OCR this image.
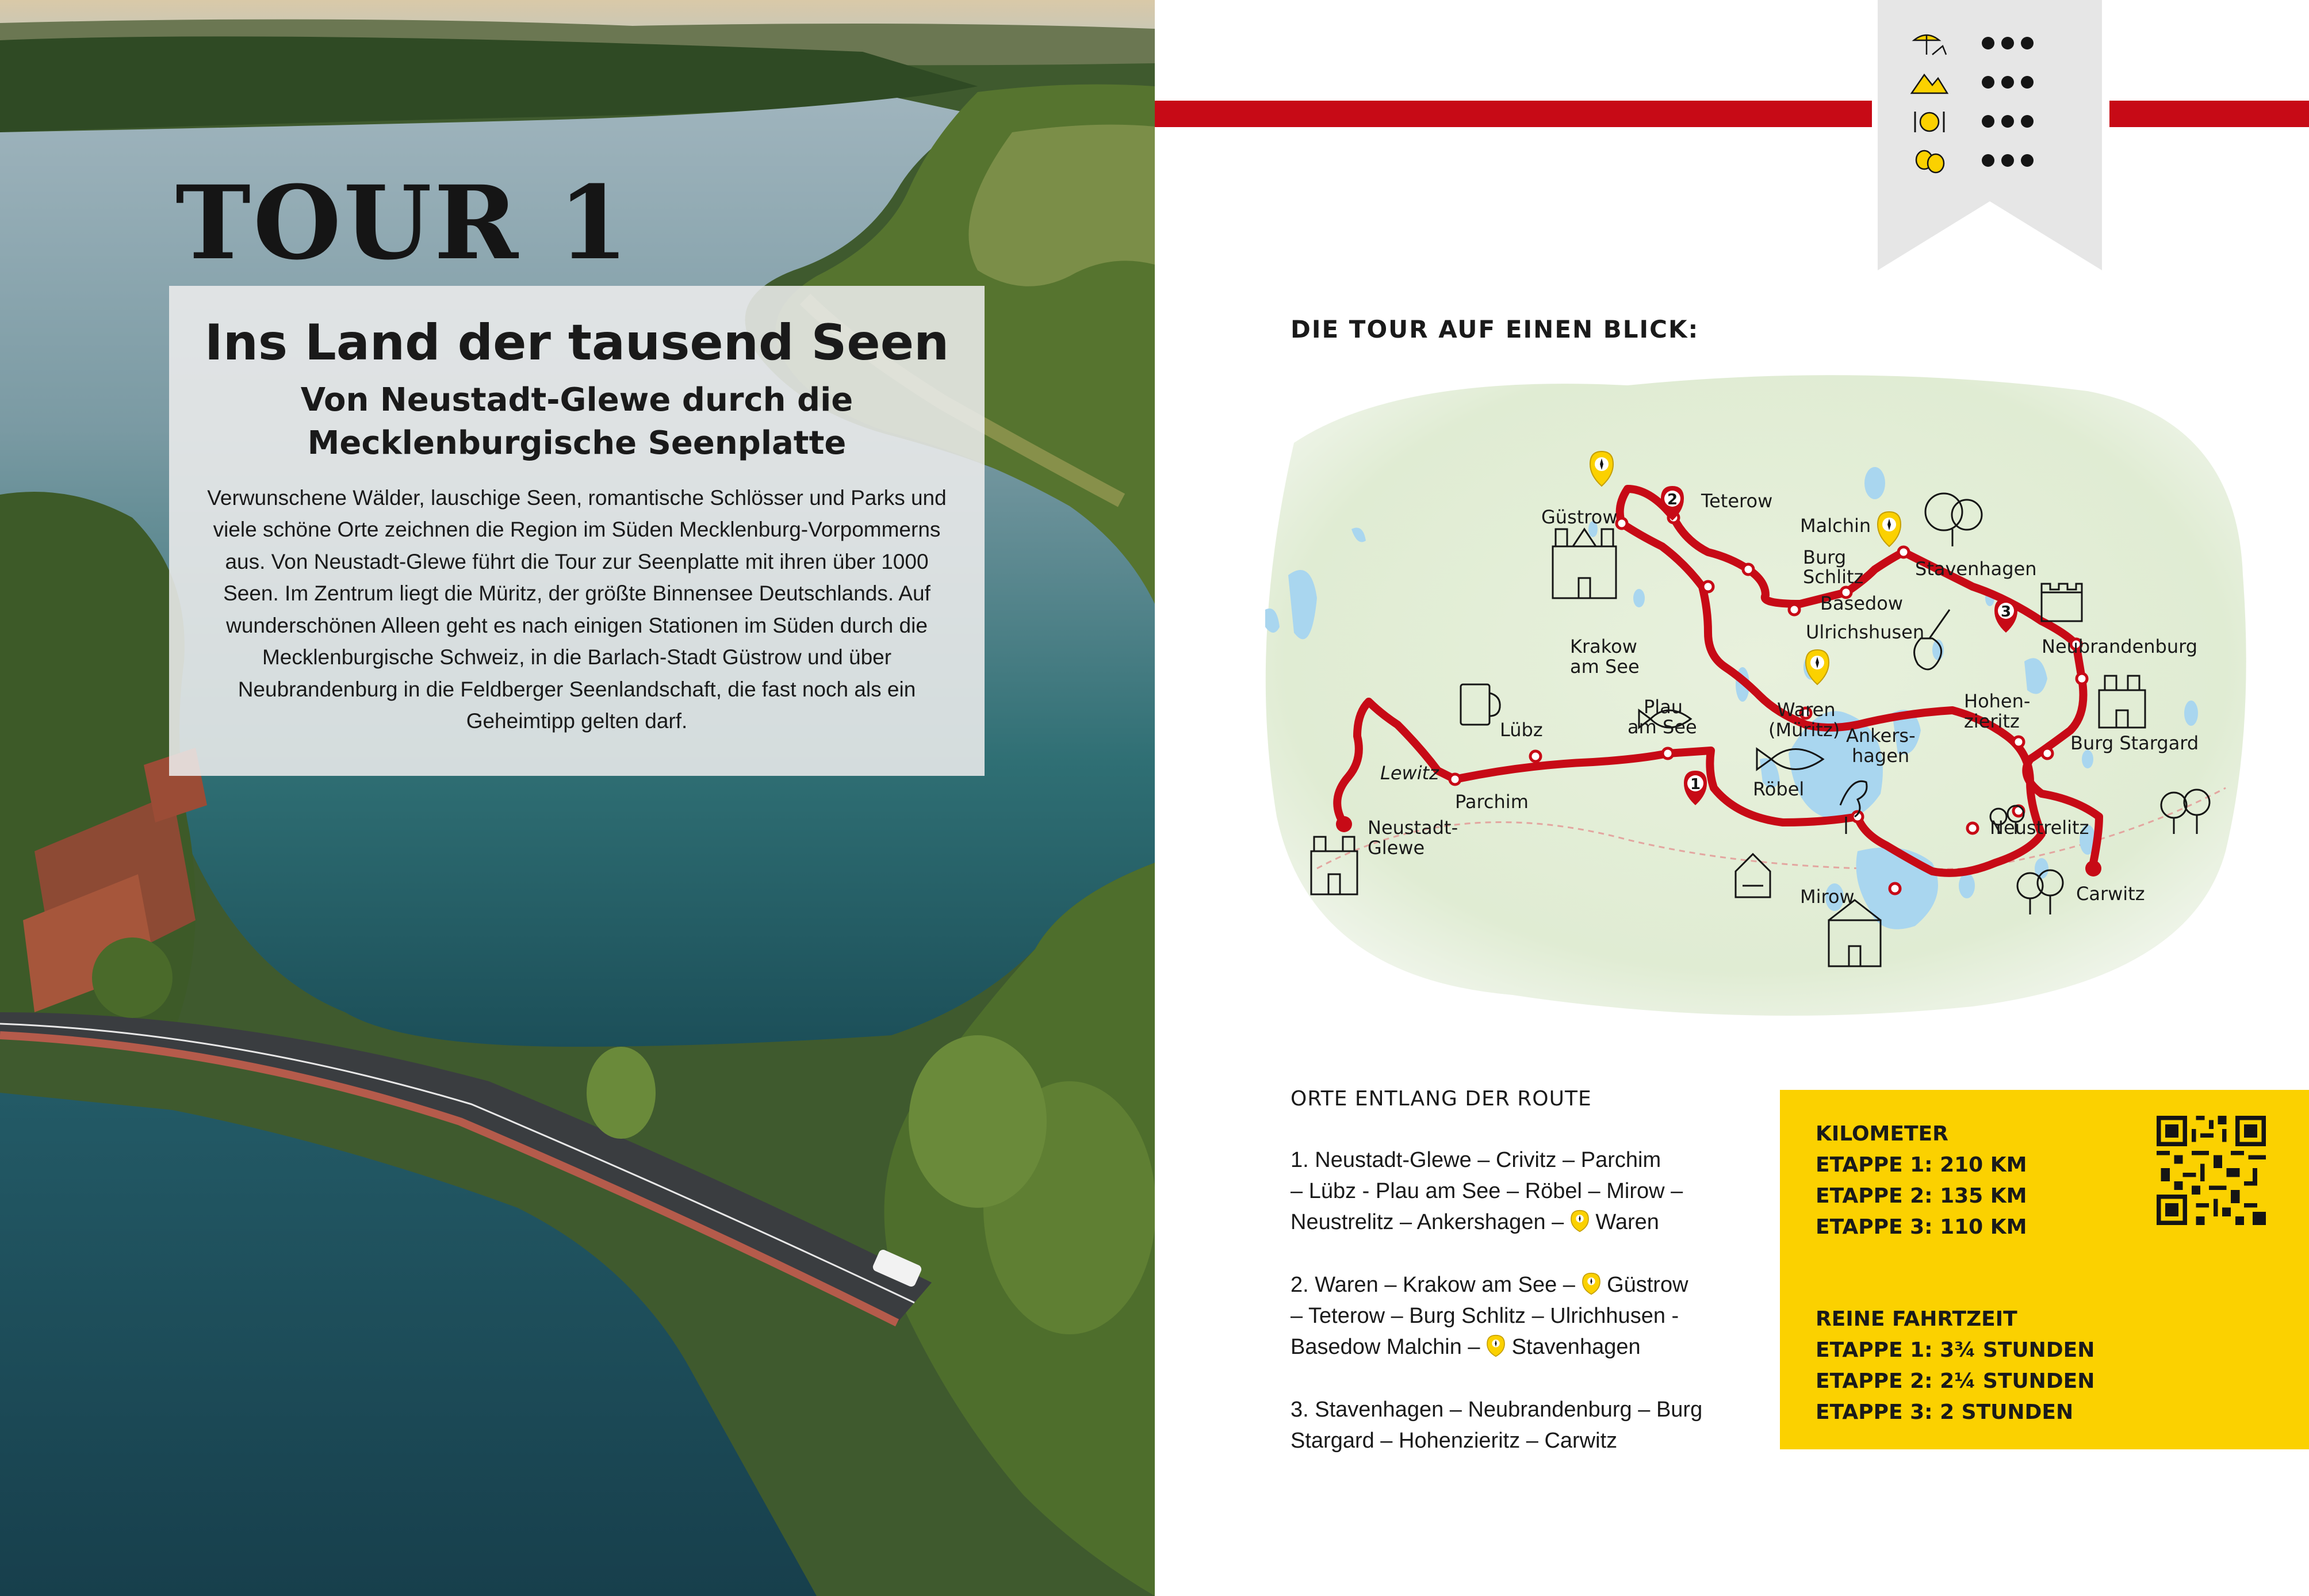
TOUR 1
Ins Land der tausend Seen
Von Neustadt-Glewe durch die Mecklenburgische Seenplatte

Verwunschene Wälder, lauschige Seen, romantische Schlösser und Parks und viele schöne Orte zeichnen die Region im Süden Mecklenburg-Vorpommerns aus. Von Neustadt-Glewe führt die Tour zur Seenplatte mit ihren über 1000 Seen. Im Zentrum liegt die Müritz, der größte Binnensee Deutschlands. Auf wunderschönen Alleen geht es nach einigen Stationen im Süden durch die Mecklenburgische Schweiz, in die Barlach-Stadt Güstrow und über Neubrandenburg in die Feldberger Seenlandschaft, die fast noch als ein Geheimtipp gelten darf.

DIE TOUR AUF EINEN BLICK:
2
3
1
Güstrow
Teterow
Malchin
Stavenhagen
Burg
Schlitz
Basedow
Ulrichshusen
Neubrandenburg
Krakow
am See
Plau
am See
Waren
(Müritz)
Hohen-
zieritz
Burg Stargard
Lübz	Ankers-
hagen
Lewitz
Parchim
Röbel
Neustrelitz
Neustadt-
Glewe
Carwitz
Mirow
ORTE ENTLANG DER ROUTE
1. Neustadt-Glewe – Crivitz – Parchim
– Lübz - Plau am See – Röbel – Mirow –
Neustrelitz – Ankershagen – Waren
2. Waren – Krakow am See – Güstrow
– Teterow – Burg Schlitz – Ulrichhusen -
Basedow Malchin – Stavenhagen
3. Stavenhagen – Neubrandenburg – Burg
Stargard – Hohenzieritz – Carwitz

KILOMETER

ETAPPE 1: 210 KM

ETAPPE 2: 135 KM

ETAPPE 3: 110 KM

REINE FAHRTZEIT

ETAPPE 1: 3¾ STUNDEN

ETAPPE 2: 2¼ STUNDEN

ETAPPE 3: 2 STUNDEN
